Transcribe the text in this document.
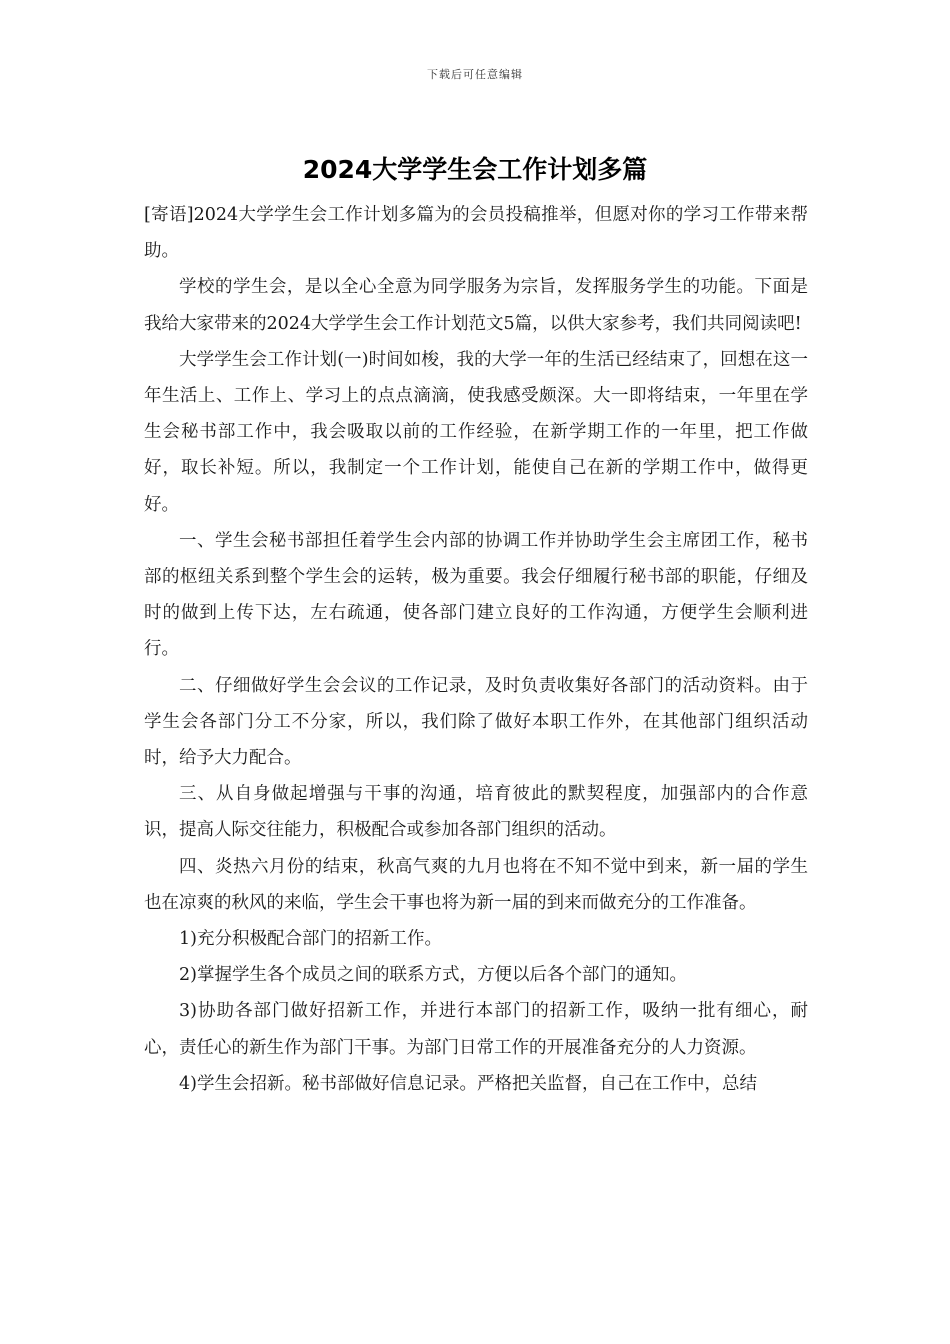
下载后可任意编辑
2024大学学生会工作计划多篇

[寄语]2024大学学生会工作计划多篇为的会员投稿推举，但愿对你的学习工作带来帮助。

学校的学生会，是以全心全意为同学服务为宗旨，发挥服务学生的功能。下面是我给大家带来的2024大学学生会工作计划范文5篇，以供大家参考，我们共同阅读吧!

大学学生会工作计划(一)时间如梭，我的大学一年的生活已经结束了，回想在这一年生活上、工作上、学习上的点点滴滴，使我感受颇深。大一即将结束，一年里在学生会秘书部工作中，我会吸取以前的工作经验，在新学期工作的一年里，把工作做好，取长补短。所以，我制定一个工作计划，能使自己在新的学期工作中，做得更好。

一、学生会秘书部担任着学生会内部的协调工作并协助学生会主席团工作，秘书部的枢纽关系到整个学生会的运转，极为重要。我会仔细履行秘书部的职能，仔细及时的做到上传下达，左右疏通，使各部门建立良好的工作沟通，方便学生会顺利进行。

二、仔细做好学生会会议的工作记录，及时负责收集好各部门的活动资料。由于学生会各部门分工不分家，所以，我们除了做好本职工作外，在其他部门组织活动时，给予大力配合。

三、从自身做起增强与干事的沟通，培育彼此的默契程度，加强部内的合作意识，提高人际交往能力，积极配合或参加各部门组织的活动。

四、炎热六月份的结束，秋高气爽的九月也将在不知不觉中到来，新一届的学生也在凉爽的秋风的来临，学生会干事也将为新一届的到来而做充分的工作准备。

1)充分积极配合部门的招新工作。

2)掌握学生各个成员之间的联系方式，方便以后各个部门的通知。

3)协助各部门做好招新工作，并进行本部门的招新工作，吸纳一批有细心，耐心，责任心的新生作为部门干事。为部门日常工作的开展准备充分的人力资源。

4)学生会招新。秘书部做好信息记录。严格把关监督，自己在工作中，总结
